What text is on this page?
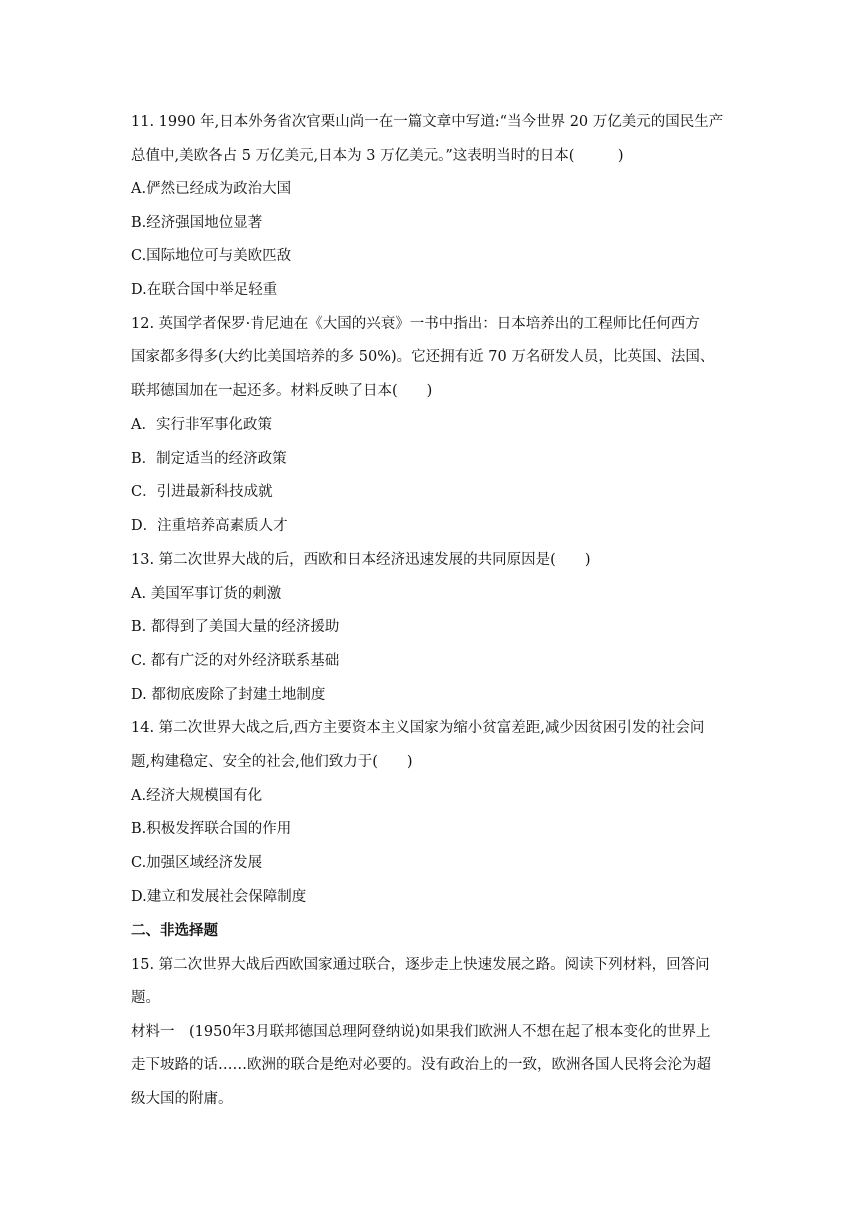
11. 1990 年,日本外务省次官栗山尚一在一篇文章中写道:“当今世界 20 万亿美元的国民生产
总值中,美欧各占 5 万亿美元,日本为 3 万亿美元。”这表明当时的日本(　　　)
A.俨然已经成为政治大国
B.经济强国地位显著
C.国际地位可与美欧匹敌
D.在联合国中举足轻重
12. 英国学者保罗·肯尼迪在《大国的兴衰》一书中指出：日本培养出的工程师比任何西方
国家都多得多(大约比美国培养的多 50%)。它还拥有近 70 万名研发人员，比英国、法国、
联邦德国加在一起还多。材料反映了日本(　　)
A．实行非军事化政策
B．制定适当的经济政策
C．引进最新科技成就
D．注重培养高素质人才
13. 第二次世界大战的后，西欧和日本经济迅速发展的共同原因是(　　)
A. 美国军事订货的刺激
B. 都得到了美国大量的经济援助
C. 都有广泛的对外经济联系基础
D. 都彻底废除了封建土地制度
14. 第二次世界大战之后,西方主要资本主义国家为缩小贫富差距,减少因贫困引发的社会问
题,构建稳定、安全的社会,他们致力于(　　)
A.经济大规模国有化
B.积极发挥联合国的作用
C.加强区域经济发展
D.建立和发展社会保障制度
二、非选择题
15. 第二次世界大战后西欧国家通过联合，逐步走上快速发展之路。阅读下列材料，回答问
题。
材料一　(1950年3月联邦德国总理阿登纳说)如果我们欧洲人不想在起了根本变化的世界上
走下坡路的话……欧洲的联合是绝对必要的。没有政治上的一致，欧洲各国人民将会沦为超
级大国的附庸。
